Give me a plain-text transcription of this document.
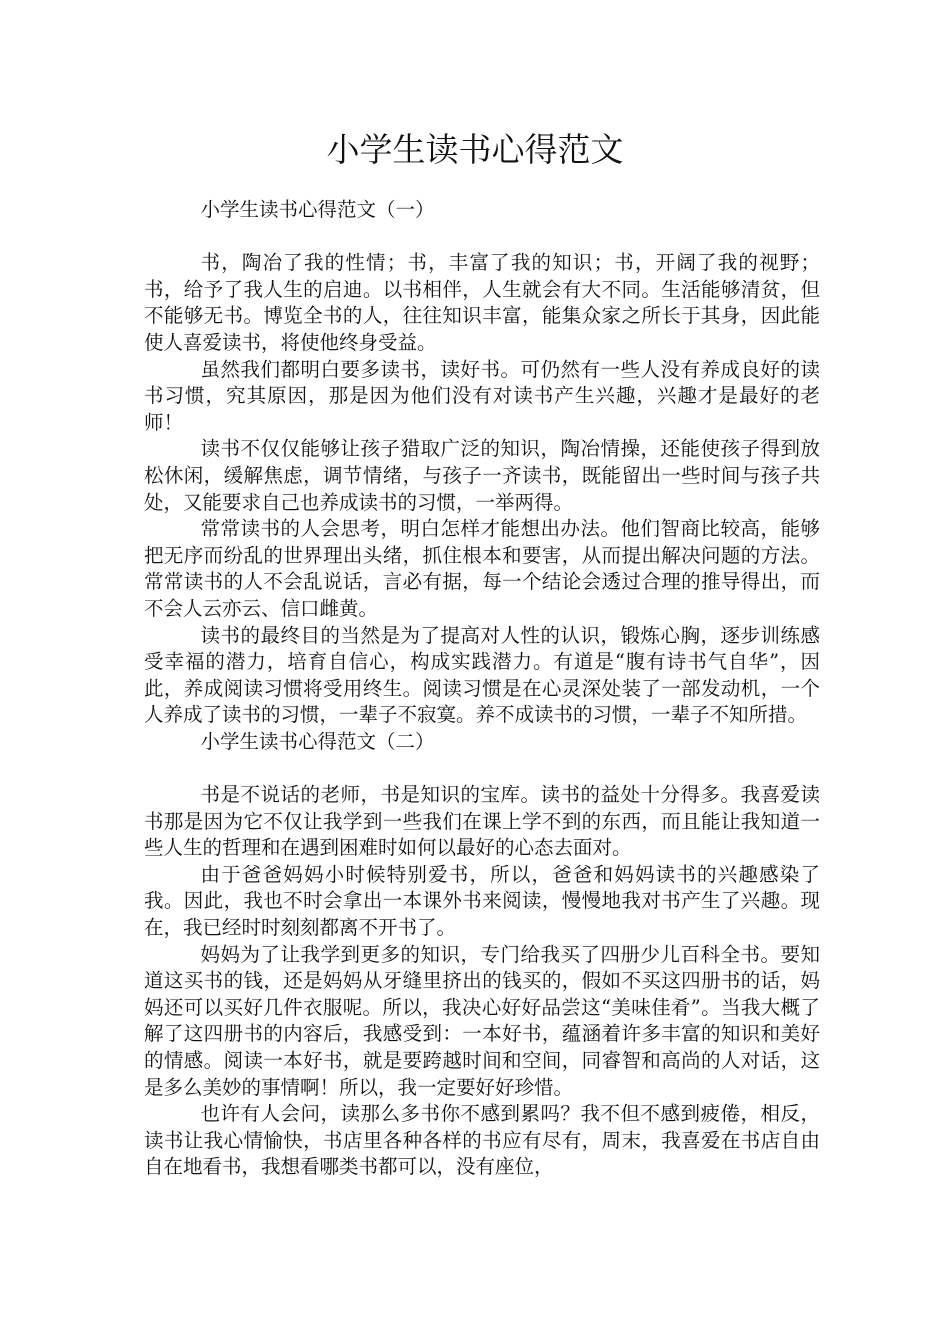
小学生读书心得范文
小学生读书心得范文（一）

书，陶冶了我的性情；书，丰富了我的知识；书，开阔了我的视野；书，给予了我人生的启迪。以书相伴，人生就会有大不同。生活能够清贫，但不能够无书。博览全书的人，往往知识丰富，能集众家之所长于其身，因此能使人喜爱读书，将使他终身受益。

虽然我们都明白要多读书，读好书。可仍然有一些人没有养成良好的读书习惯，究其原因，那是因为他们没有对读书产生兴趣，兴趣才是最好的老师！

读书不仅仅能够让孩子猎取广泛的知识，陶冶情操，还能使孩子得到放松休闲，缓解焦虑，调节情绪，与孩子一齐读书，既能留出一些时间与孩子共处，又能要求自己也养成读书的习惯，一举两得。

常常读书的人会思考，明白怎样才能想出办法。他们智商比较高，能够把无序而纷乱的世界理出头绪，抓住根本和要害，从而提出解决问题的方法。常常读书的人不会乱说话，言必有据，每一个结论会透过合理的推导得出，而不会人云亦云、信口雌黄。

读书的最终目的当然是为了提高对人性的认识，锻炼心胸，逐步训练感受幸福的潜力，培育自信心，构成实践潜力。有道是“腹有诗书气自华”，因此，养成阅读习惯将受用终生。阅读习惯是在心灵深处装了一部发动机，一个人养成了读书的习惯，一辈子不寂寞。养不成读书的习惯，一辈子不知所措。

小学生读书心得范文（二）

书是不说话的老师，书是知识的宝库。读书的益处十分得多。我喜爱读书那是因为它不仅让我学到一些我们在课上学不到的东西，而且能让我知道一些人生的哲理和在遇到困难时如何以最好的心态去面对。

由于爸爸妈妈小时候特别爱书，所以，爸爸和妈妈读书的兴趣感染了我。因此，我也不时会拿出一本课外书来阅读，慢慢地我对书产生了兴趣。现在，我已经时时刻刻都离不开书了。

妈妈为了让我学到更多的知识，专门给我买了四册少儿百科全书。要知道这买书的钱，还是妈妈从牙缝里挤出的钱买的，假如不买这四册书的话，妈妈还可以买好几件衣服呢。所以，我决心好好品尝这“美味佳肴”。当我大概了解了这四册书的内容后，我感受到：一本好书，蕴涵着许多丰富的知识和美好的情感。阅读一本好书，就是要跨越时间和空间，同睿智和高尚的人对话，这是多么美妙的事情啊！所以，我一定要好好珍惜。

也许有人会问，读那么多书你不感到累吗？我不但不感到疲倦，相反，读书让我心情愉快，书店里各种各样的书应有尽有，周末，我喜爱在书店自由自在地看书，我想看哪类书都可以，没有座位，
